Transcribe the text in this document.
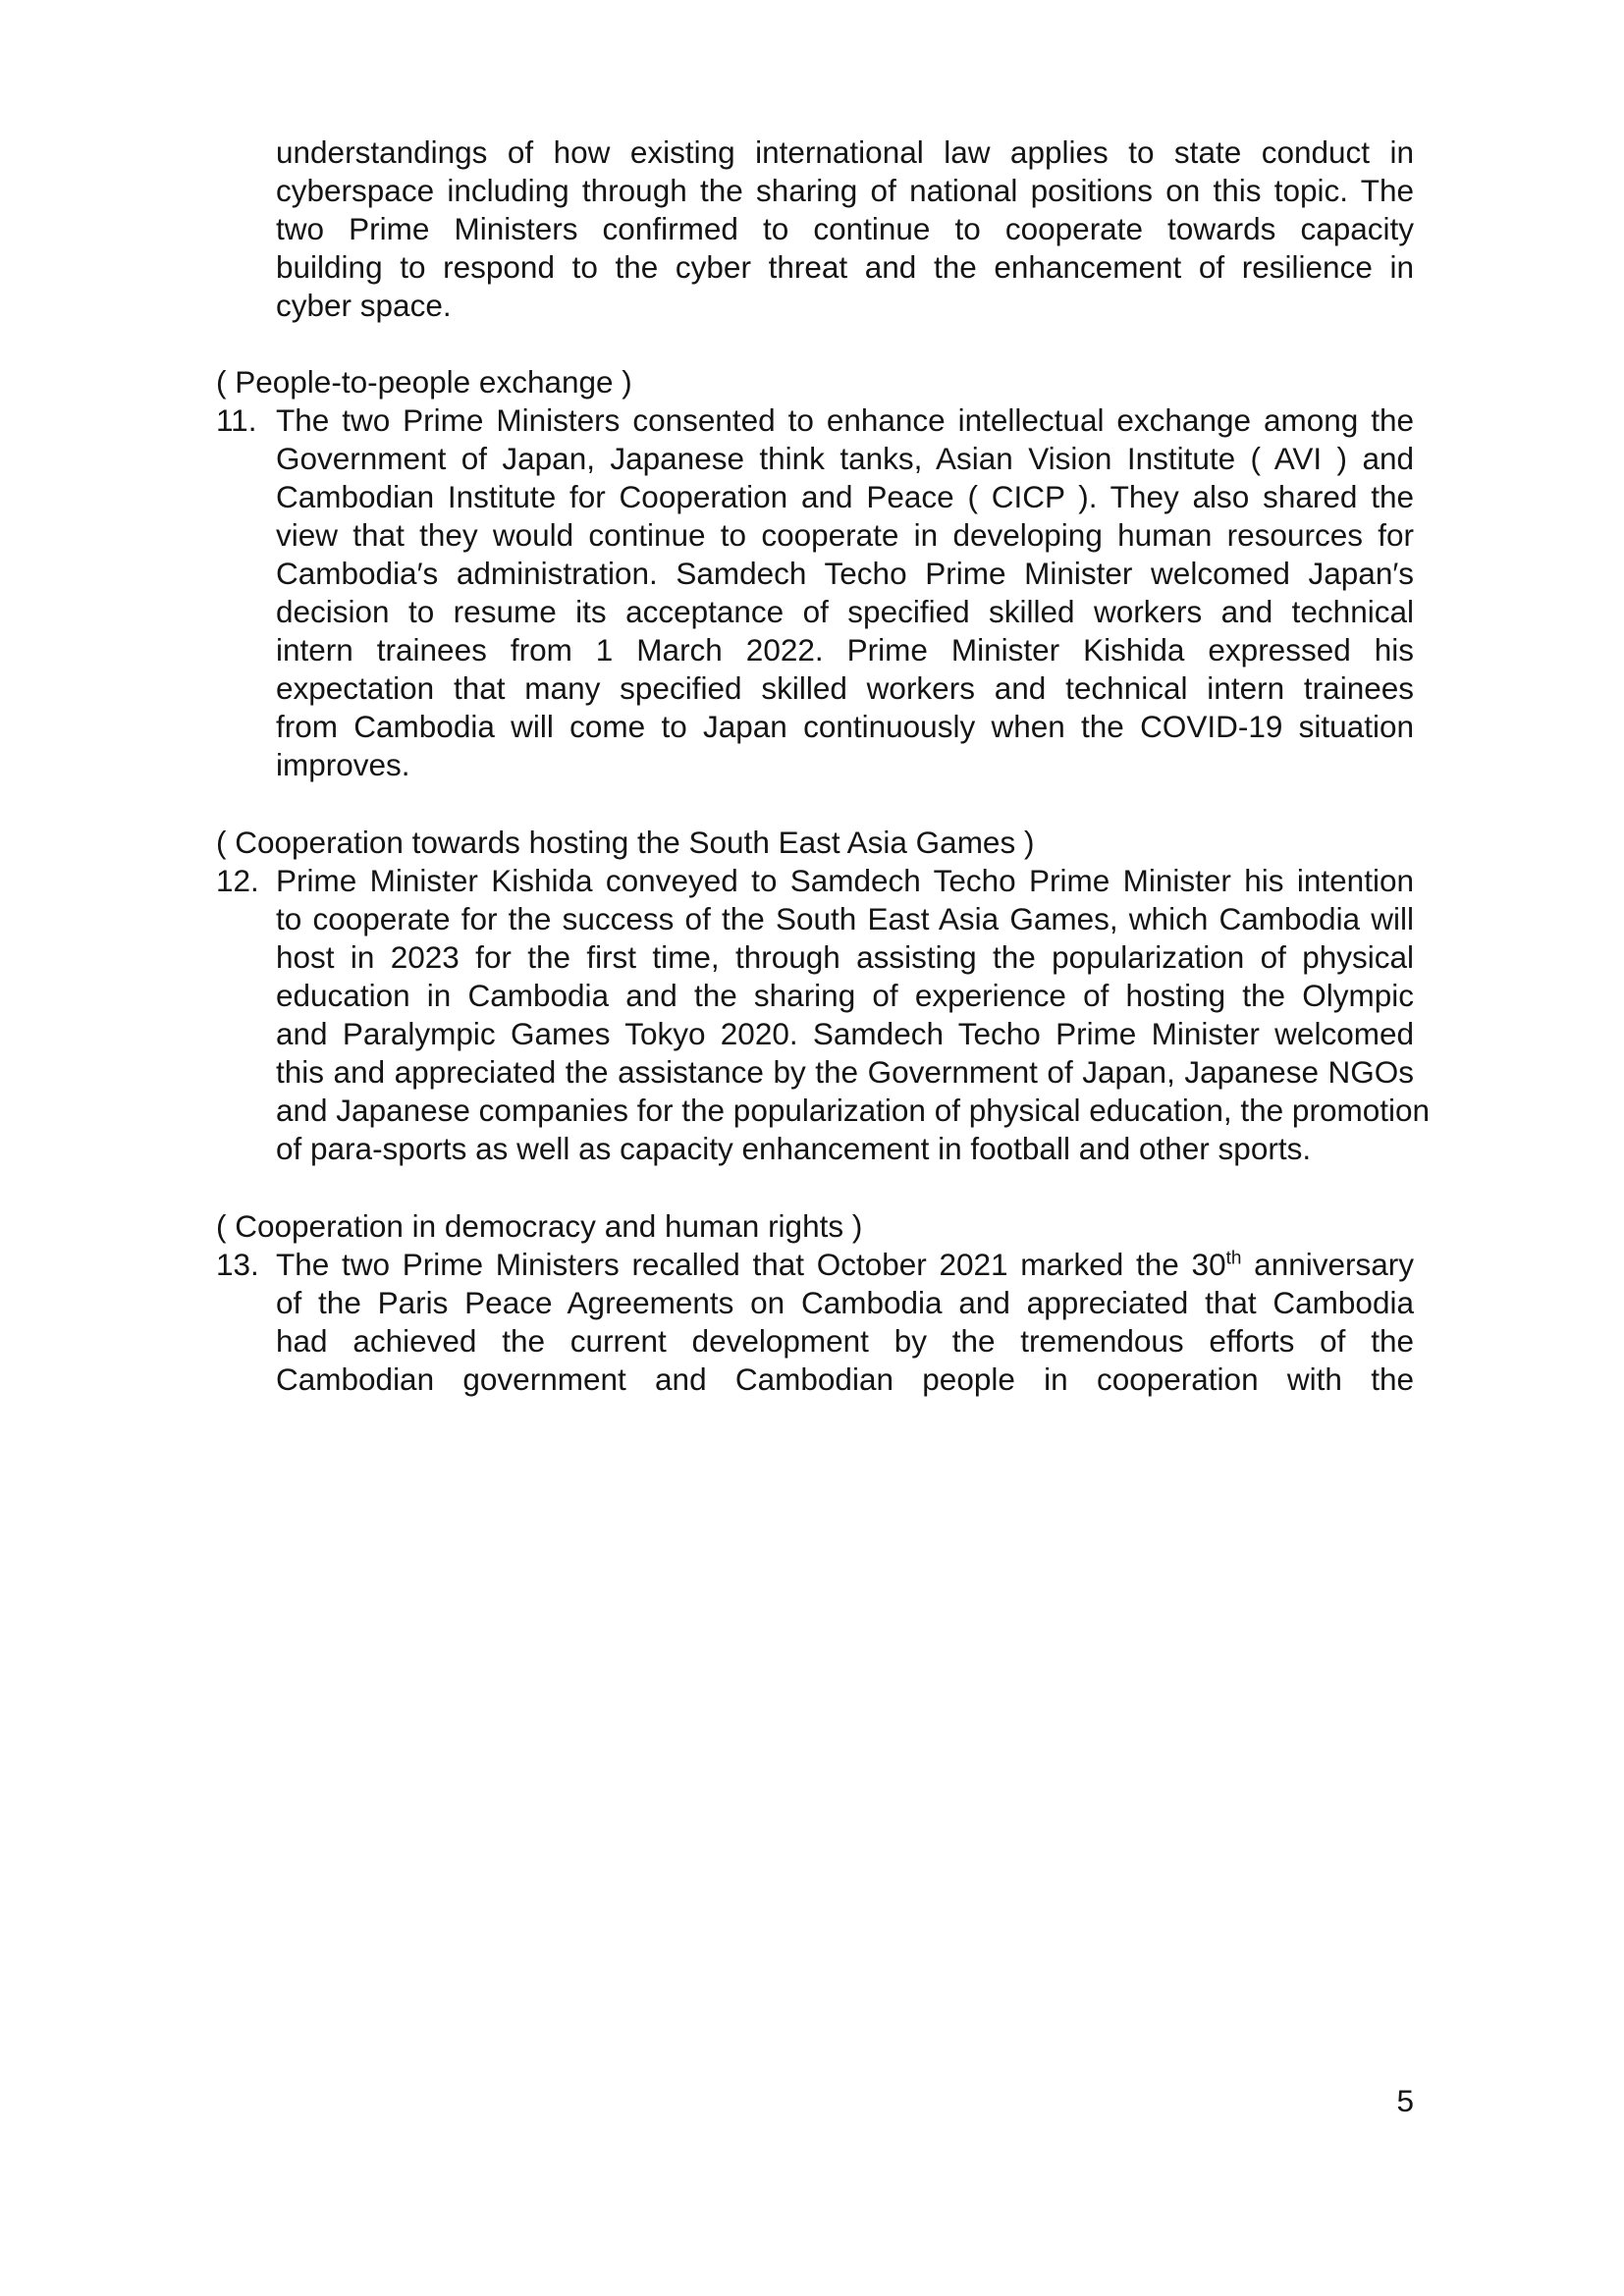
understandings of how existing international law applies to state conduct in
cyberspace including through the sharing of national positions on this topic. The
two Prime Ministers confirmed to continue to cooperate towards capacity
building to respond to the cyber threat and the enhancement of resilience in
cyber space.
( People-to-people exchange )
11. The two Prime Ministers consented to enhance intellectual exchange among the
Government of Japan, Japanese think tanks, Asian Vision Institute ( AVI ) and
Cambodian Institute for Cooperation and Peace ( CICP ). They also shared the
view that they would continue to cooperate in developing human resources for
Cambodia′s administration. Samdech Techo Prime Minister welcomed Japan′s
decision to resume its acceptance of specified skilled workers and technical
intern trainees from 1 March 2022. Prime Minister Kishida expressed his
expectation that many specified skilled workers and technical intern trainees
from Cambodia will come to Japan continuously when the COVID-19 situation
improves.
( Cooperation towards hosting the South East Asia Games )
12. Prime Minister Kishida conveyed to Samdech Techo Prime Minister his intention
to cooperate for the success of the South East Asia Games, which Cambodia will
host in 2023 for the first time, through assisting the popularization of physical
education in Cambodia and the sharing of experience of hosting the Olympic
and Paralympic Games Tokyo 2020. Samdech Techo Prime Minister welcomed
this and appreciated the assistance by the Government of Japan, Japanese NGOs
and Japanese companies for the popularization of physical education, the promotion
of para-sports as well as capacity enhancement in football and other sports.
( Cooperation in democracy and human rights )
13. The two Prime Ministers recalled that October 2021 marked the 30th anniversary
of the Paris Peace Agreements on Cambodia and appreciated that Cambodia
had achieved the current development by the tremendous efforts of the
Cambodian government and Cambodian people in cooperation with the
5
